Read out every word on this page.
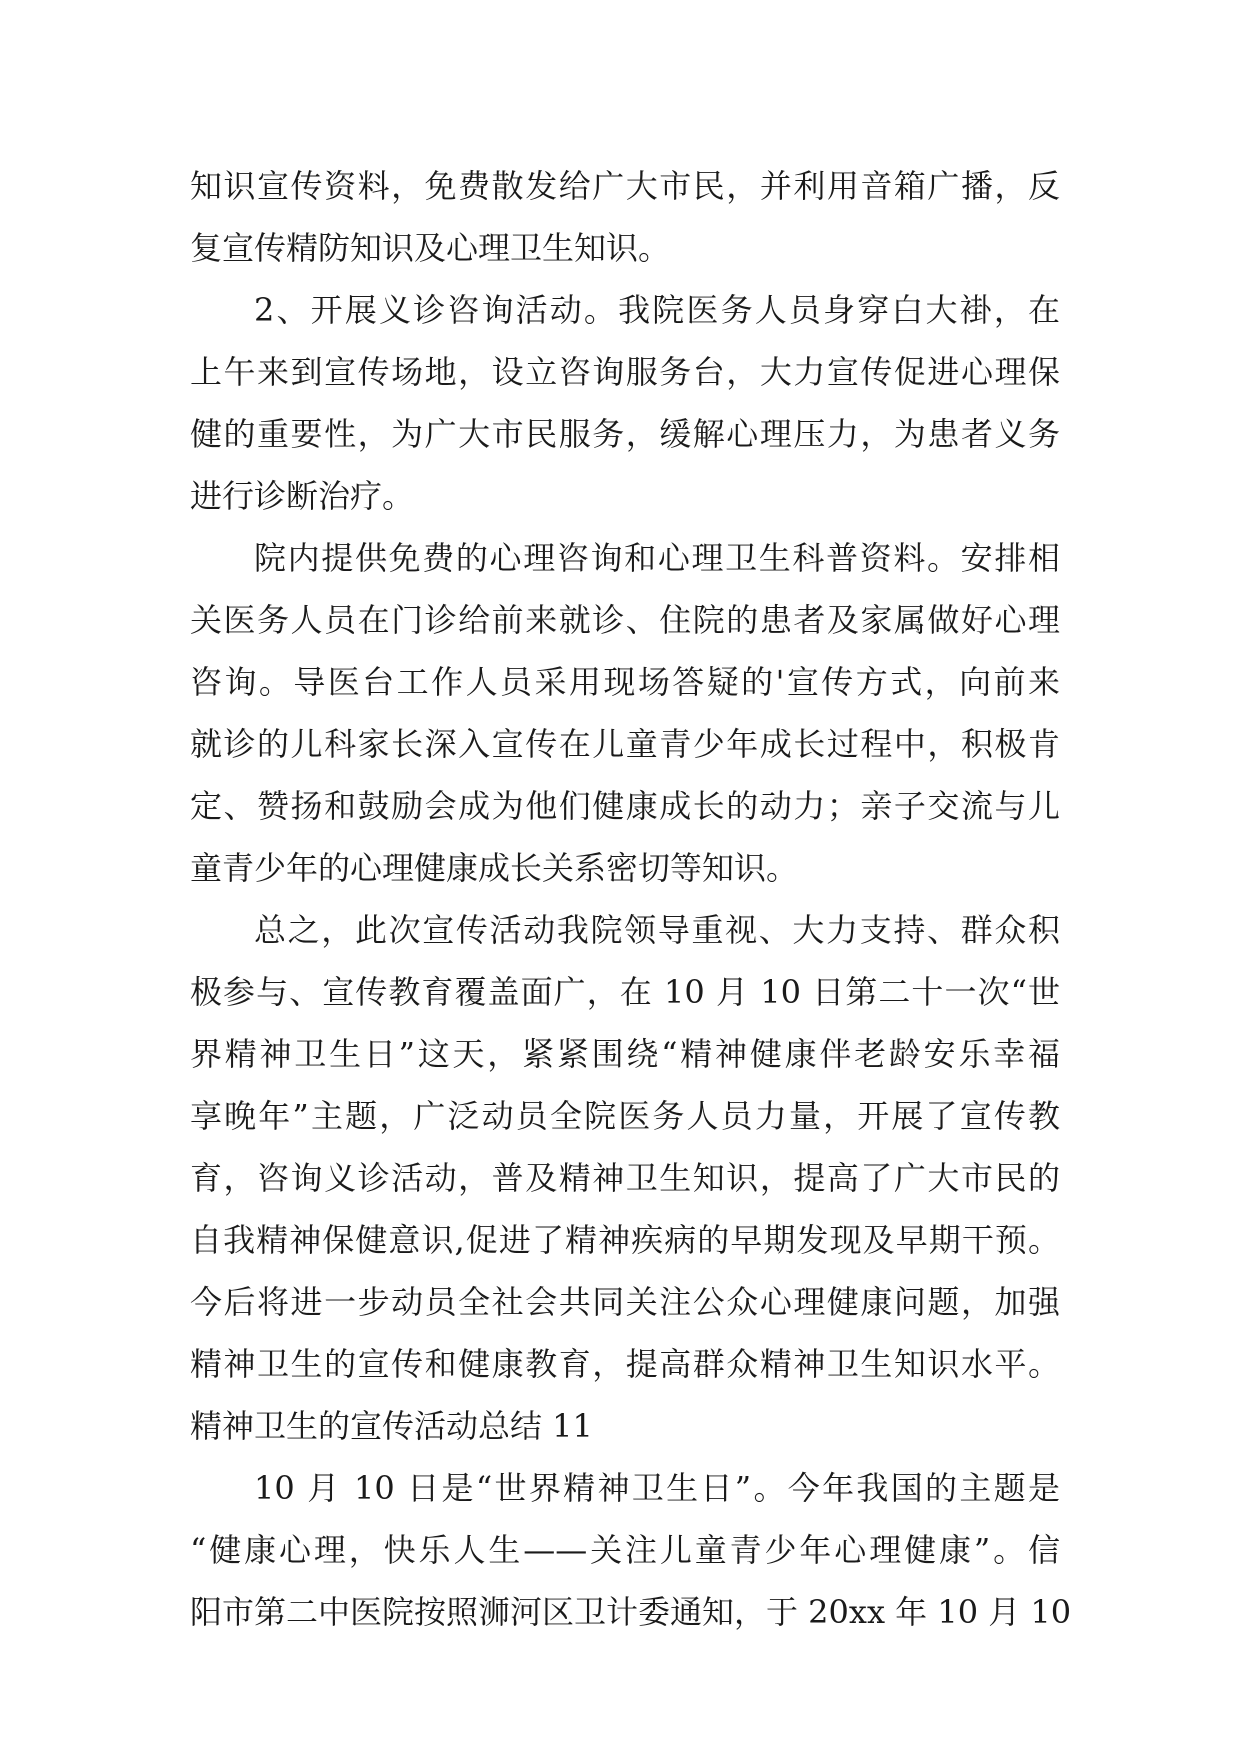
知识宣传资料，免费散发给广大市民，并利用音箱广播，反
复宣传精防知识及心理卫生知识。
2、开展义诊咨询活动。我院医务人员身穿白大褂，在
上午来到宣传场地，设立咨询服务台，大力宣传促进心理保
健的重要性，为广大市民服务，缓解心理压力，为患者义务
进行诊断治疗。
院内提供免费的心理咨询和心理卫生科普资料。安排相
关医务人员在门诊给前来就诊、住院的患者及家属做好心理
咨询。导医台工作人员采用现场答疑的'宣传方式，向前来
就诊的儿科家长深入宣传在儿童青少年成长过程中，积极肯
定、赞扬和鼓励会成为他们健康成长的动力；亲子交流与儿
童青少年的心理健康成长关系密切等知识。
总之，此次宣传活动我院领导重视、大力支持、群众积
极参与、宣传教育覆盖面广，在 10 月 10 日第二十一次“世
界精神卫生日”这天，紧紧围绕“精神健康伴老龄安乐幸福
享晚年”主题，广泛动员全院医务人员力量，开展了宣传教
育，咨询义诊活动，普及精神卫生知识，提高了广大市民的
自我精神保健意识,促进了精神疾病的早期发现及早期干预。
今后将进一步动员全社会共同关注公众心理健康问题，加强
精神卫生的宣传和健康教育，提高群众精神卫生知识水平。
精神卫生的宣传活动总结 11
10 月 10 日是“世界精神卫生日”。今年我国的主题是
“健康心理，快乐人生——关注儿童青少年心理健康”。信
阳市第二中医院按照浉河区卫计委通知，于 20xx 年 10 月 10
